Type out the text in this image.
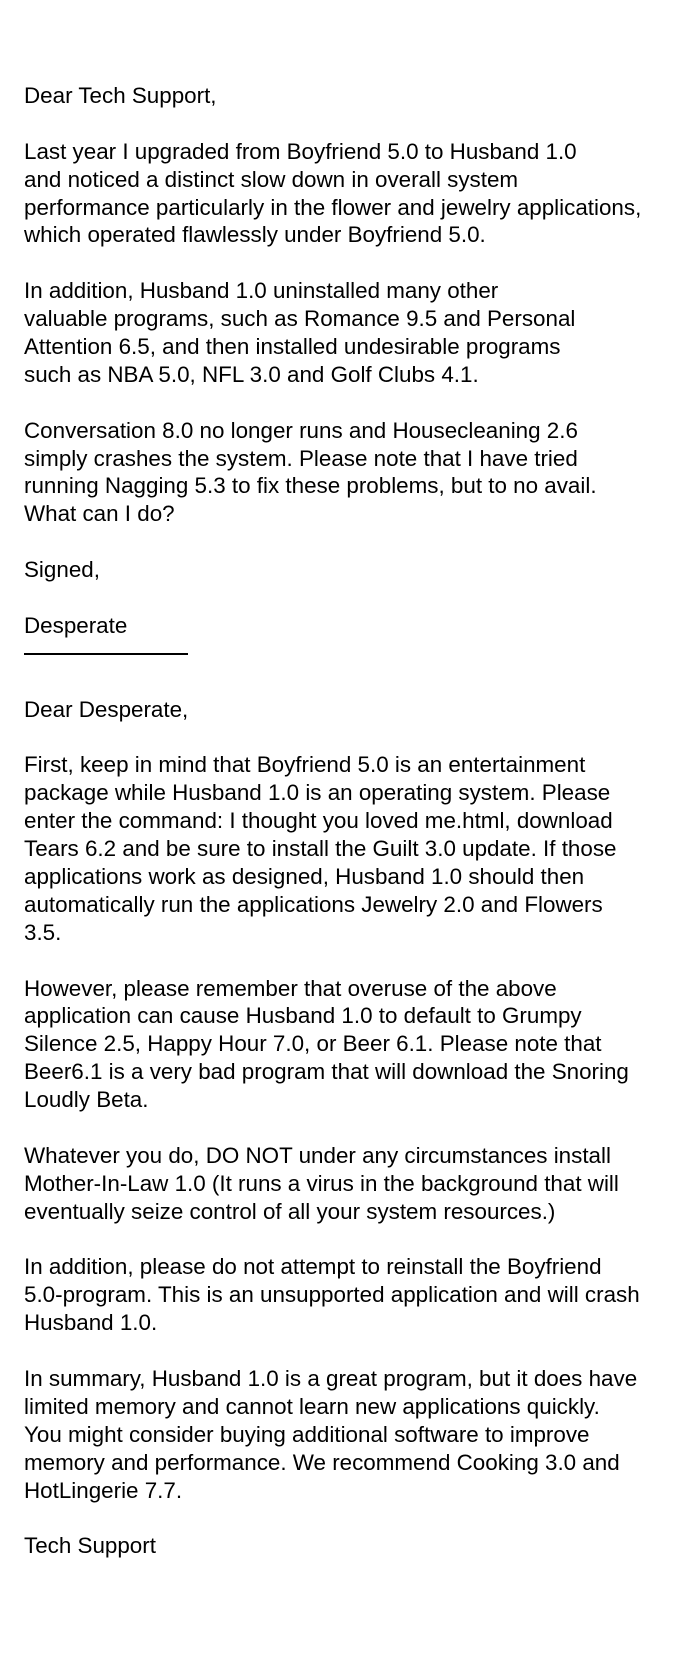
Dear Tech Support,
Last year I upgraded from Boyfriend 5.0 to Husband 1.0
and noticed a distinct slow down in overall system
performance particularly in the flower and jewelry applications,
which operated flawlessly under Boyfriend 5.0.
In addition, Husband 1.0 uninstalled many other
valuable programs, such as Romance 9.5 and Personal
Attention 6.5, and then installed undesirable programs
such as NBA 5.0, NFL 3.0 and Golf Clubs 4.1.
Conversation 8.0 no longer runs and Housecleaning 2.6
simply crashes the system. Please note that I have tried
running Nagging 5.3 to fix these problems, but to no avail.
What can I do?
Signed,
Desperate
Dear Desperate,
First, keep in mind that Boyfriend 5.0 is an entertainment
package while Husband 1.0 is an operating system. Please
enter the command: I thought you loved me.html, download
Tears 6.2 and be sure to install the Guilt 3.0 update. If those
applications work as designed, Husband 1.0 should then
automatically run the applications Jewelry 2.0 and Flowers
3.5.
However, please remember that overuse of the above
application can cause Husband 1.0 to default to Grumpy
Silence 2.5, Happy Hour 7.0, or Beer 6.1. Please note that
Beer6.1 is a very bad program that will download the Snoring
Loudly Beta.
Whatever you do, DO NOT under any circumstances install
Mother-In-Law 1.0 (It runs a virus in the background that will
eventually seize control of all your system resources.)
In addition, please do not attempt to reinstall the Boyfriend
5.0-program. This is an unsupported application and will crash
Husband 1.0.
In summary, Husband 1.0 is a great program, but it does have
limited memory and cannot learn new applications quickly.
You might consider buying additional software to improve
memory and performance. We recommend Cooking 3.0 and
HotLingerie 7.7.
Tech Support
